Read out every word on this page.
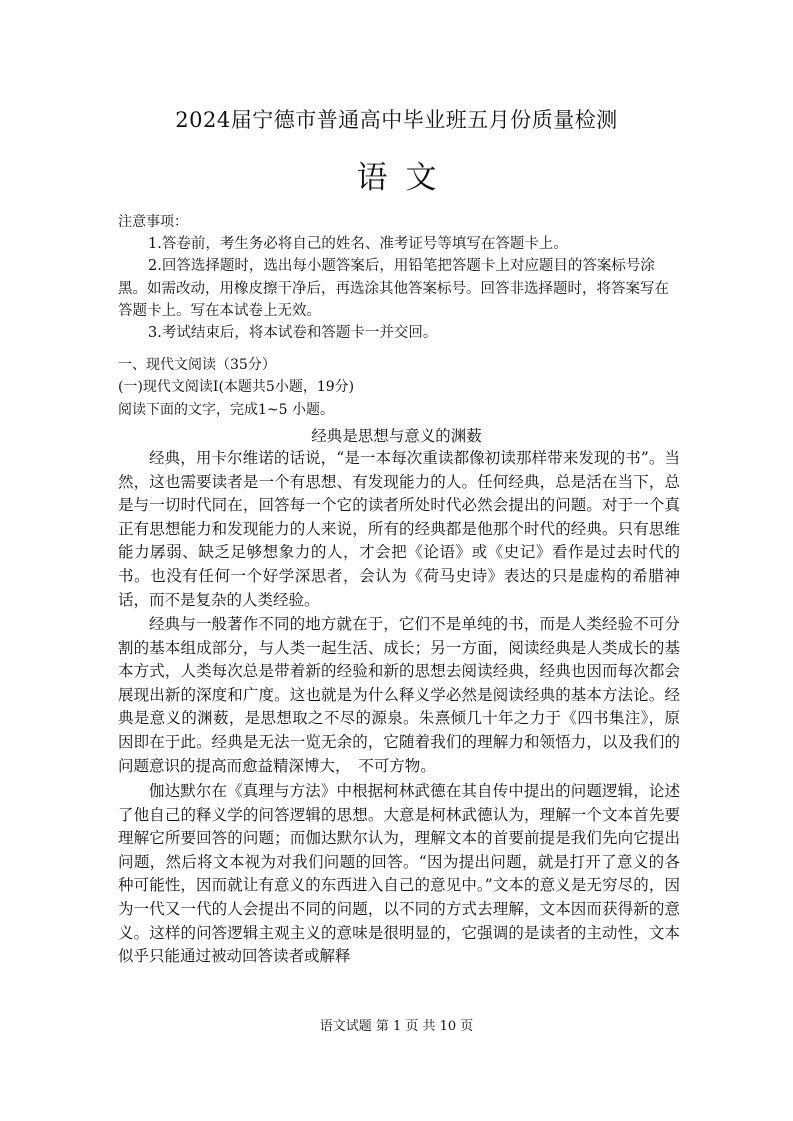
2024届宁德市普通高中毕业班五月份质量检测
语文
注意事项：
1.答卷前，考生务必将自己的姓名、准考证号等填写在答题卡上。
2.回答选择题时，选出每小题答案后，用铅笔把答题卡上对应题目的答案标号涂黑。如需改动，用橡皮擦干净后，再选涂其他答案标号。回答非选择题时，将答案写在答题卡上。写在本试卷上无效。
3.考试结束后，将本试卷和答题卡一并交回。
一、现代文阅读（35分）
(一)现代文阅读Ⅰ(本题共5小题，19分)
阅读下面的文字，完成1~5 小题。
经典是思想与意义的渊薮
经典，用卡尔维诺的话说，“是一本每次重读都像初读那样带来发现的书”。当然，这也需要读者是一个有思想、有发现能力的人。任何经典，总是活在当下，总是与一切时代同在，回答每一个它的读者所处时代必然会提出的问题。对于一个真正有思想能力和发现能力的人来说，所有的经典都是他那个时代的经典。只有思维能力孱弱、缺乏足够想象力的人，才会把《论语》或《史记》看作是过去时代的书。也没有任何一个好学深思者，会认为《荷马史诗》表达的只是虚构的希腊神话，而不是复杂的人类经验。
经典与一般著作不同的地方就在于，它们不是单纯的书，而是人类经验不可分割的基本组成部分，与人类一起生活、成长；另一方面，阅读经典是人类成长的基本方式，人类每次总是带着新的经验和新的思想去阅读经典，经典也因而每次都会展现出新的深度和广度。这也就是为什么释义学必然是阅读经典的基本方法论。经典是意义的渊薮，是思想取之不尽的源泉。朱熹倾几十年之力于《四书集注》，原因即在于此。经典是无法一览无余的，它随着我们的理解力和领悟力，以及我们的问题意识的提高而愈益精深博大，　不可方物。
伽达默尔在《真理与方法》中根据柯林武德在其自传中提出的问题逻辑，论述了他自己的释义学的问答逻辑的思想。大意是柯林武德认为，理解一个文本首先要理解它所要回答的问题；而伽达默尔认为，理解文本的首要前提是我们先向它提出问题，然后将文本视为对我们问题的回答。“因为提出问题，就是打开了意义的各种可能性，因而就让有意义的东西进入自己的意见中。”文本的意义是无穷尽的，因为一代又一代的人会提出不同的问题，以不同的方式去理解，文本因而获得新的意义。这样的问答逻辑主观主义的意味是很明显的，它强调的是读者的主动性，文本似乎只能通过被动回答读者或解释
语文试题 第 1 页 共 10 页
